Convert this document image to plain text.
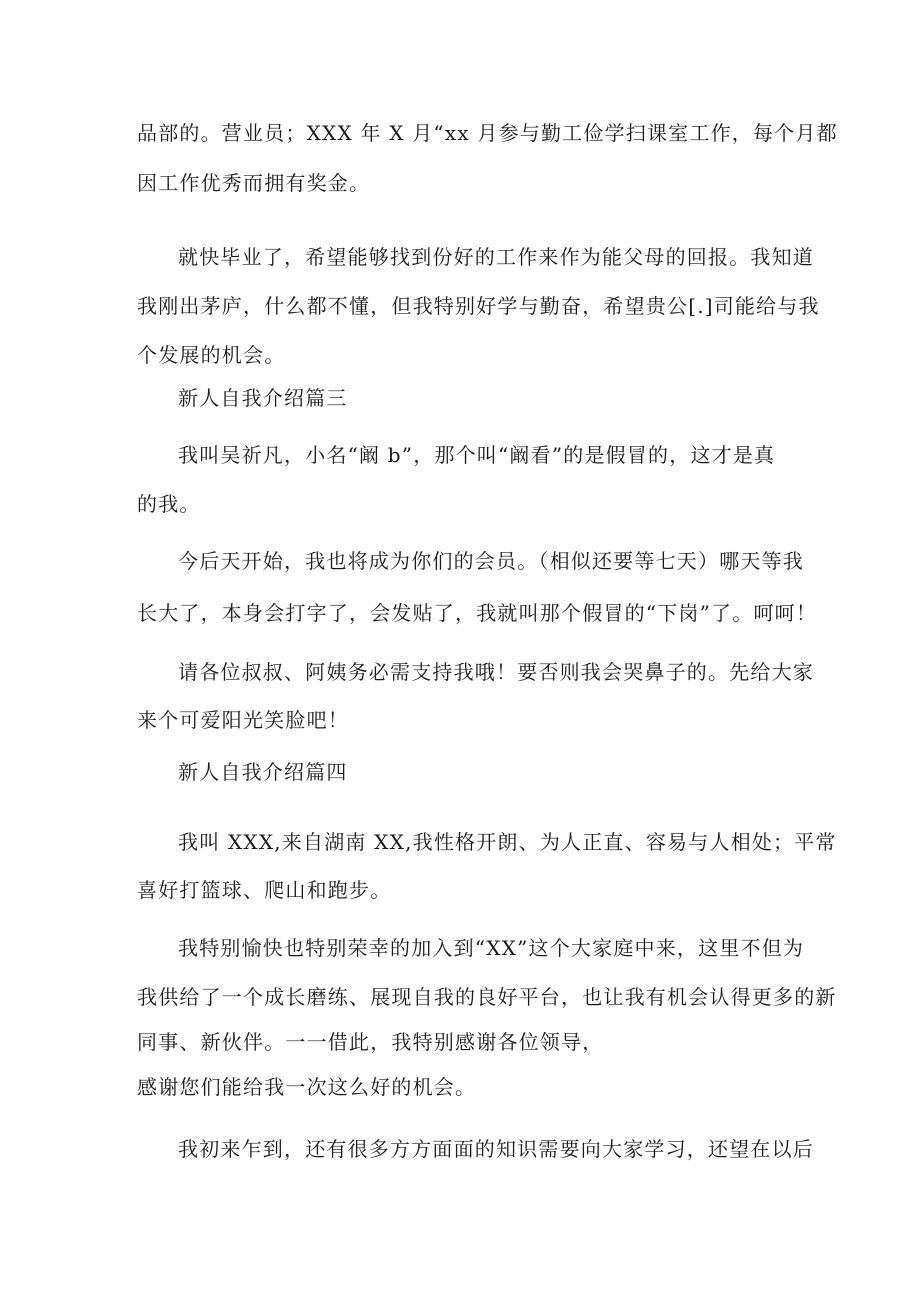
品部的。营业员；XXX 年 X 月“xx 月参与勤工俭学扫课室工作，每个月都
因工作优秀而拥有奖金。
就快毕业了，希望能够找到份好的工作来作为能父母的回报。我知道
我刚出茅庐，什么都不懂，但我特别好学与勤奋，希望贵公[.]司能给与我
个发展的机会。
新人自我介绍篇三
我叫吴祈凡，小名“阚 b”，那个叫“阚看”的是假冒的，这才是真
的我。
今后天开始，我也将成为你们的会员。（相似还要等七天）哪天等我
长大了，本身会打字了，会发贴了，我就叫那个假冒的“下岗”了。呵呵！
请各位叔叔、阿姨务必需支持我哦！要否则我会哭鼻子的。先给大家
来个可爱阳光笑脸吧！
新人自我介绍篇四
我叫 XXX,来自湖南 XX,我性格开朗、为人正直、容易与人相处；平常
喜好打篮球、爬山和跑步。
我特别愉快也特别荣幸的加入到“XX”这个大家庭中来，这里不但为
我供给了一个成长磨练、展现自我的良好平台，也让我有机会认得更多的新
同事、新伙伴。一一借此，我特别感谢各位领导，
感谢您们能给我一次这么好的机会。
我初来乍到，还有很多方方面面的知识需要向大家学习，还望在以后
